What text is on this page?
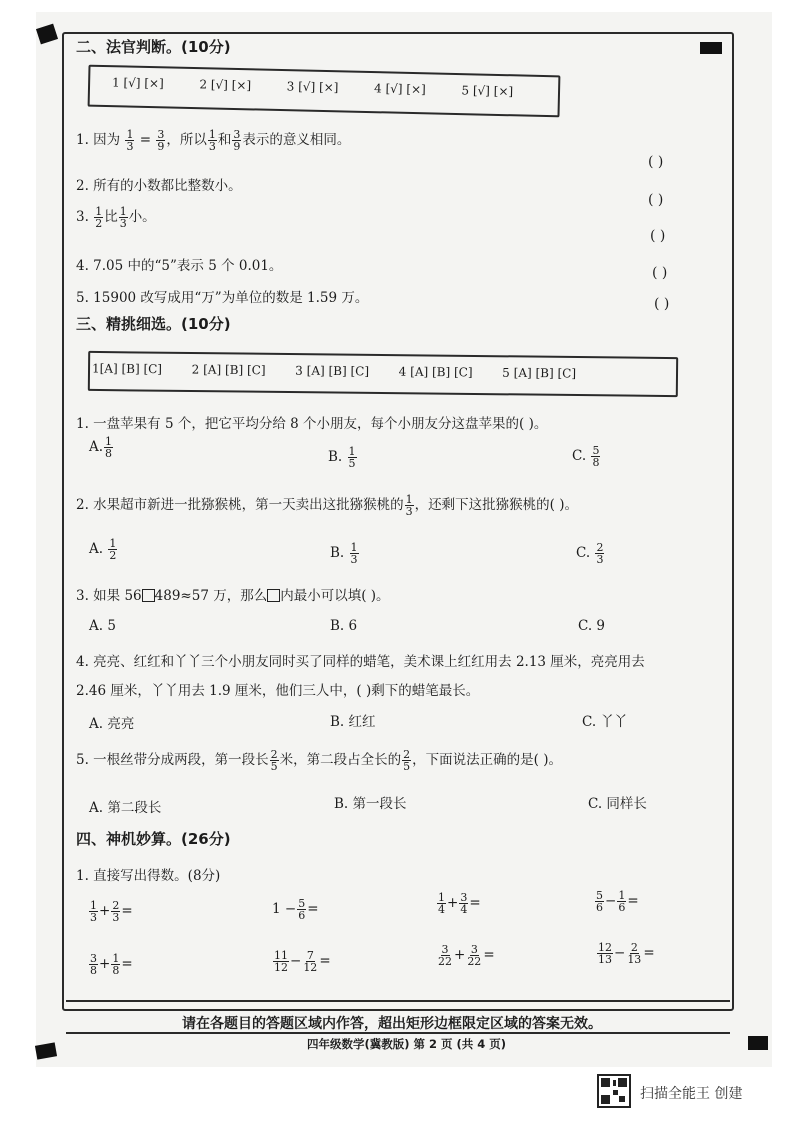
二、法官判断。(10分)
1 [√] [×]	2 [√] [×]	3 [√] [×]	4 [√] [×]	5 [√] [×]
1. 因为 $\frac{1}{3} = \frac{3}{9}$ ，所以 $\frac{1}{3}$ 和 $\frac{3}{9}$ 表示的意义相同。
( )
2. 所有的小数都比整数小。
( )
3. $\frac{1}{2}$ 比 $\frac{1}{3}$ 小。
( )
4. 7.05 中的“5”表示 5 个 0.01。	( )
5. 15900 改写成用“万”为单位的数是 1.59 万。	( )
三、精挑细选。(10分)
1[A] [B] [C] 2 [A] [B] [C] 3 [A] [B] [C] 4 [A] [B] [C] 5 [A] [B] [C]
1. 一盘苹果有 5 个，把它平均分给 8 个小朋友，每个小朋友分这盘苹果的( )。
A. $\frac{1}{8}$	B. $\frac{1}{5}$	C. $\frac{5}{8}$
2. 水果超市新进一批猕猴桃，第一天卖出这批猕猴桃的 $\frac{1}{3}$ ，还剩下这批猕猴桃的( )。
A. $\frac{1}{2}$	B. $\frac{1}{3}$	C. $\frac{2}{3}$
3. 如果 56 489≈57 万，那么 内最小可以填( )。
A. 5	B. 6	C. 9
4. 亮亮、红红和丫丫三个小朋友同时买了同样的蜡笔，美术课上红红用去 2.13 厘米，亮亮用去
2.46 厘米，丫丫用去 1.9 厘米，他们三人中，( )剩下的蜡笔最长。
A. 亮亮	B. 红红	C. 丫丫
5. 一根丝带分成两段，第一段长 $\frac{2}{5}$ 米，第二段占全长的 $\frac{2}{5}$ ，下面说法正确的是( )。
A. 第二段长	B. 第一段长	C. 同样长
四、神机妙算。(26分)
1. 直接写出得数。(8分)
$\frac{1}{3} + \frac{2}{3}$ =	$1 - \frac{5}{6}$ =	$\frac{1}{4} + \frac{3}{4}$ =	$\frac{5}{6} - \frac{1}{6}$ =
$\frac{3}{8} + \frac{1}{8}$ =	$\frac{11}{12} - \frac{7}{12}$ =	$\frac{3}{22} + \frac{3}{22}$ =	$\frac{12}{13} - \frac{2}{13}$ =
请在各题目的答题区域内作答，超出矩形边框限定区域的答案无效。
四年级数学(冀教版) 第 2 页 (共 4 页)
扫描全能王 创建
